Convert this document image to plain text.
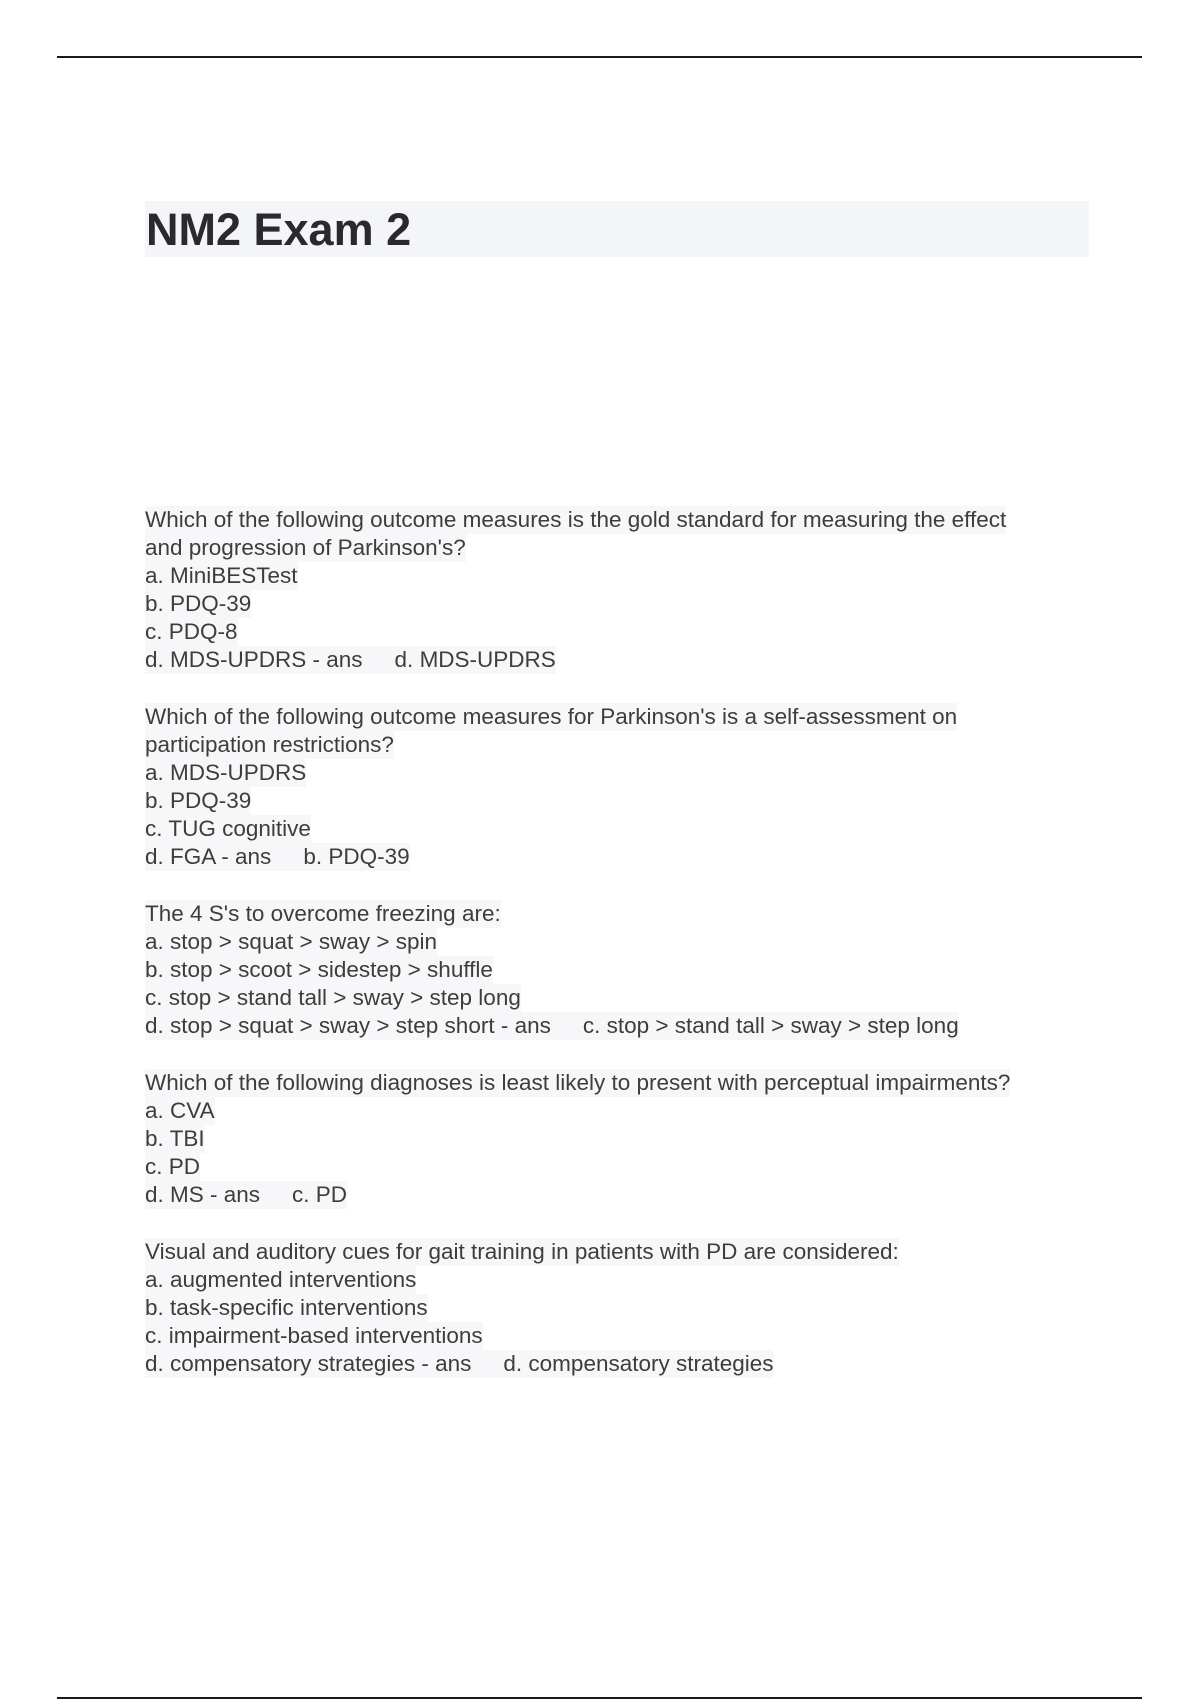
NM2 Exam 2
Which of the following outcome measures is the gold standard for measuring the effect
and progression of Parkinson's?
a. MiniBESTest
b. PDQ-39
c. PDQ-8
d. MDS-UPDRS - ans d. MDS-UPDRS
Which of the following outcome measures for Parkinson's is a self-assessment on
participation restrictions?
a. MDS-UPDRS
b. PDQ-39
c. TUG cognitive
d. FGA - ans b. PDQ-39
The 4 S's to overcome freezing are:
a. stop > squat > sway > spin
b. stop > scoot > sidestep > shuffle
c. stop > stand tall > sway > step long
d. stop > squat > sway > step short - ans c. stop > stand tall > sway > step long
Which of the following diagnoses is least likely to present with perceptual impairments?
a. CVA
b. TBI
c. PD
d. MS - ans c. PD
Visual and auditory cues for gait training in patients with PD are considered:
a. augmented interventions
b. task-specific interventions
c. impairment-based interventions
d. compensatory strategies - ans d. compensatory strategies
